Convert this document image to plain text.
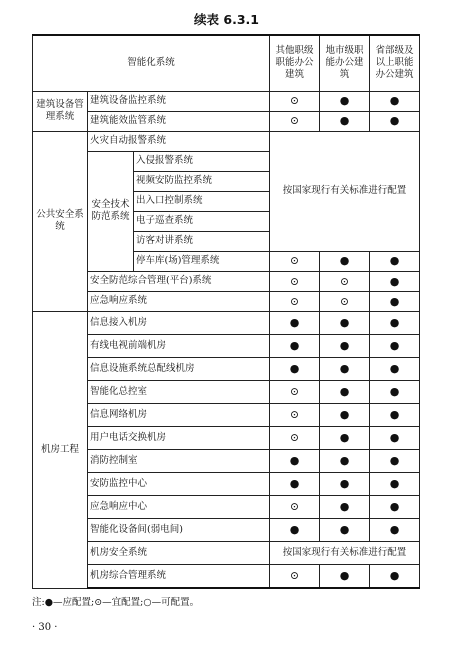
续表 6.3.1
智能化系统			其他职级职能办公建筑	地市级职能办公建筑	省部级及以上职能办公建筑
建筑设备管理系统	建筑设备监控系统		⊙	●	●
	建筑能效监管系统		⊙	●	●
公共安全系统	火灾自动报警系统		按国家现行有关标准进行配置		
	安全技术防范系统	入侵报警系统			
		视频安防监控系统			
		出入口控制系统			
		电子巡查系统			
		访客对讲系统			
		停车库(场)管理系统	⊙	●	●
	安全防范综合管理(平台)系统		⊙	⊙	●
	应急响应系统		⊙	⊙	●
机房工程	信息接入机房		●	●	●
	有线电视前端机房		●	●	●
	信息设施系统总配线机房		●	●	●
	智能化总控室		⊙	●	●
	信息网络机房		⊙	●	●
	用户电话交换机房		⊙	●	●
	消防控制室		●	●	●
	安防监控中心		●	●	●
	应急响应中心		⊙	●	●
	智能化设备间(弱电间)		●	●	●
	机房安全系统		按国家现行有关标准进行配置		
	机房综合管理系统		⊙	●	●
注:●—应配置;⊙—宜配置;○—可配置。
· 30 ·
